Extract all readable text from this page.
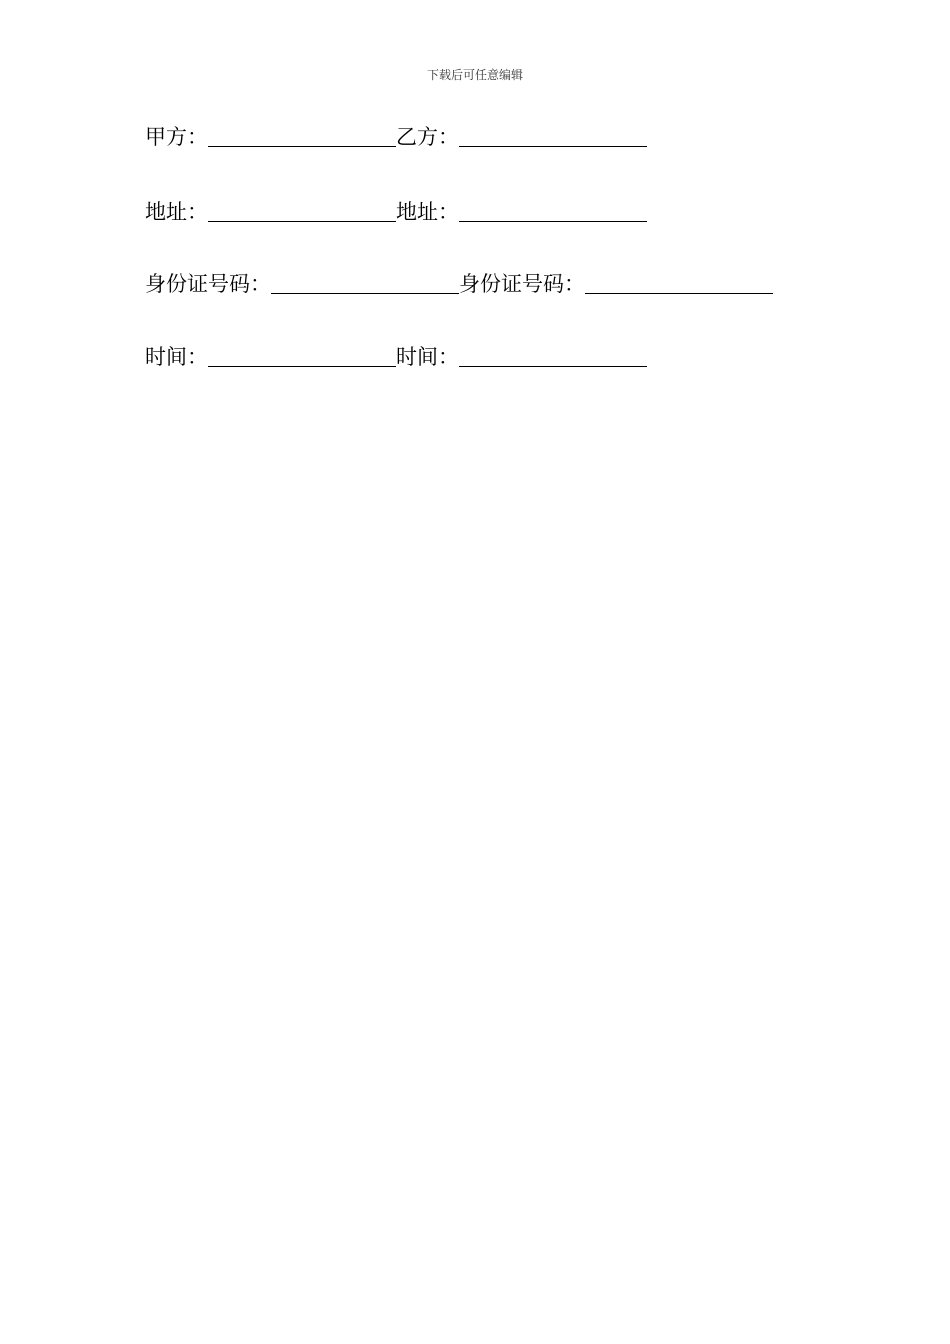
下载后可任意编辑
甲方：	乙方：
地址：	地址：
身份证号码：	身份证号码：
时间：	时间：
